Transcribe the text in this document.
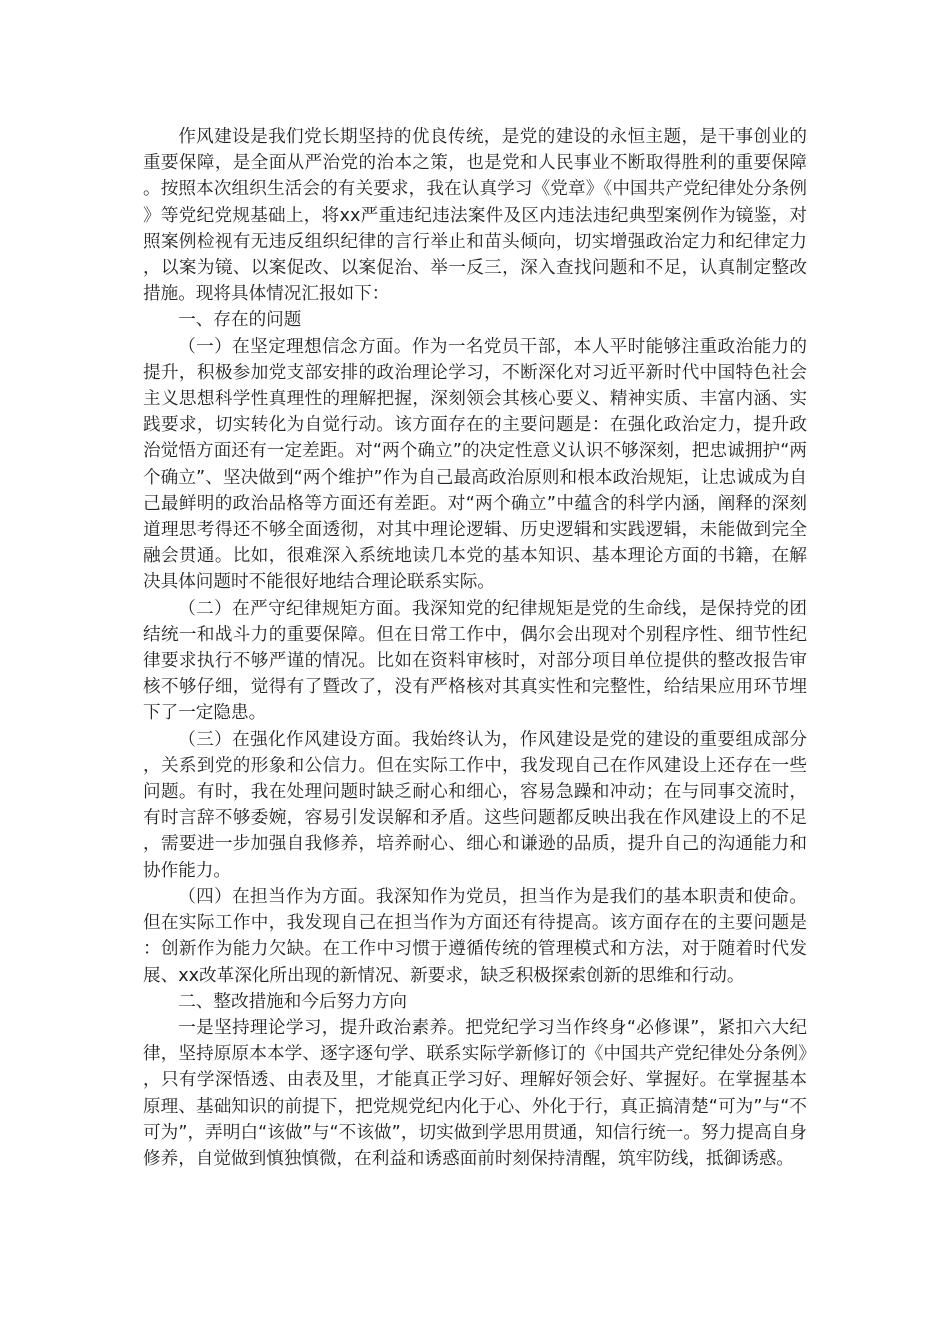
作风建设是我们党长期坚持的优良传统，是党的建设的永恒主题，是干事创业的重要保障，是全面从严治党的治本之策，也是党和人民事业不断取得胜利的重要保障。按照本次组织生活会的有关要求，我在认真学习《党章》《中国共产党纪律处分条例》等党纪党规基础上，将xx严重违纪违法案件及区内违法违纪典型案例作为镜鉴，对照案例检视有无违反组织纪律的言行举止和苗头倾向，切实增强政治定力和纪律定力，以案为镜、以案促改、以案促治、举一反三，深入查找问题和不足，认真制定整改措施。现将具体情况汇报如下：

一、存在的问题

（一）在坚定理想信念方面。作为一名党员干部，本人平时能够注重政治能力的提升，积极参加党支部安排的政治理论学习，不断深化对习近平新时代中国特色社会主义思想科学性真理性的理解把握，深刻领会其核心要义、精神实质、丰富内涵、实践要求，切实转化为自觉行动。该方面存在的主要问题是：在强化政治定力，提升政治觉悟方面还有一定差距。对“两个确立”的决定性意义认识不够深刻，把忠诚拥护“两个确立”、坚决做到“两个维护”作为自己最高政治原则和根本政治规矩，让忠诚成为自己最鲜明的政治品格等方面还有差距。对“两个确立”中蕴含的科学内涵，阐释的深刻道理思考得还不够全面透彻，对其中理论逻辑、历史逻辑和实践逻辑，未能做到完全融会贯通。比如，很难深入系统地读几本党的基本知识、基本理论方面的书籍，在解决具体问题时不能很好地结合理论联系实际。

（二）在严守纪律规矩方面。我深知党的纪律规矩是党的生命线，是保持党的团结统一和战斗力的重要保障。但在日常工作中，偶尔会出现对个别程序性、细节性纪律要求执行不够严谨的情况。比如在资料审核时，对部分项目单位提供的整改报告审核不够仔细，觉得有了暨改了，没有严格核对其真实性和完整性，给结果应用环节埋下了一定隐患。

（三）在强化作风建设方面。我始终认为，作风建设是党的建设的重要组成部分，关系到党的形象和公信力。但在实际工作中，我发现自己在作风建设上还存在一些问题。有时，我在处理问题时缺乏耐心和细心，容易急躁和冲动；在与同事交流时，有时言辞不够委婉，容易引发误解和矛盾。这些问题都反映出我在作风建设上的不足，需要进一步加强自我修养，培养耐心、细心和谦逊的品质，提升自己的沟通能力和协作能力。

（四）在担当作为方面。我深知作为党员，担当作为是我们的基本职责和使命。但在实际工作中，我发现自己在担当作为方面还有待提高。该方面存在的主要问题是：创新作为能力欠缺。在工作中习惯于遵循传统的管理模式和方法，对于随着时代发展、xx改革深化所出现的新情况、新要求，缺乏积极探索创新的思维和行动。

二、整改措施和今后努力方向

一是坚持理论学习，提升政治素养。把党纪学习当作终身“必修课”，紧扣六大纪律，坚持原原本本学、逐字逐句学、联系实际学新修订的《中国共产党纪律处分条例》，只有学深悟透、由表及里，才能真正学习好、理解好领会好、掌握好。在掌握基本原理、基础知识的前提下，把党规党纪内化于心、外化于行，真正搞清楚“可为”与“不可为”，弄明白“该做”与“不该做”，切实做到学思用贯通，知信行统一。努力提高自身修养，自觉做到慎独慎微，在利益和诱惑面前时刻保持清醒，筑牢防线，抵御诱惑。
